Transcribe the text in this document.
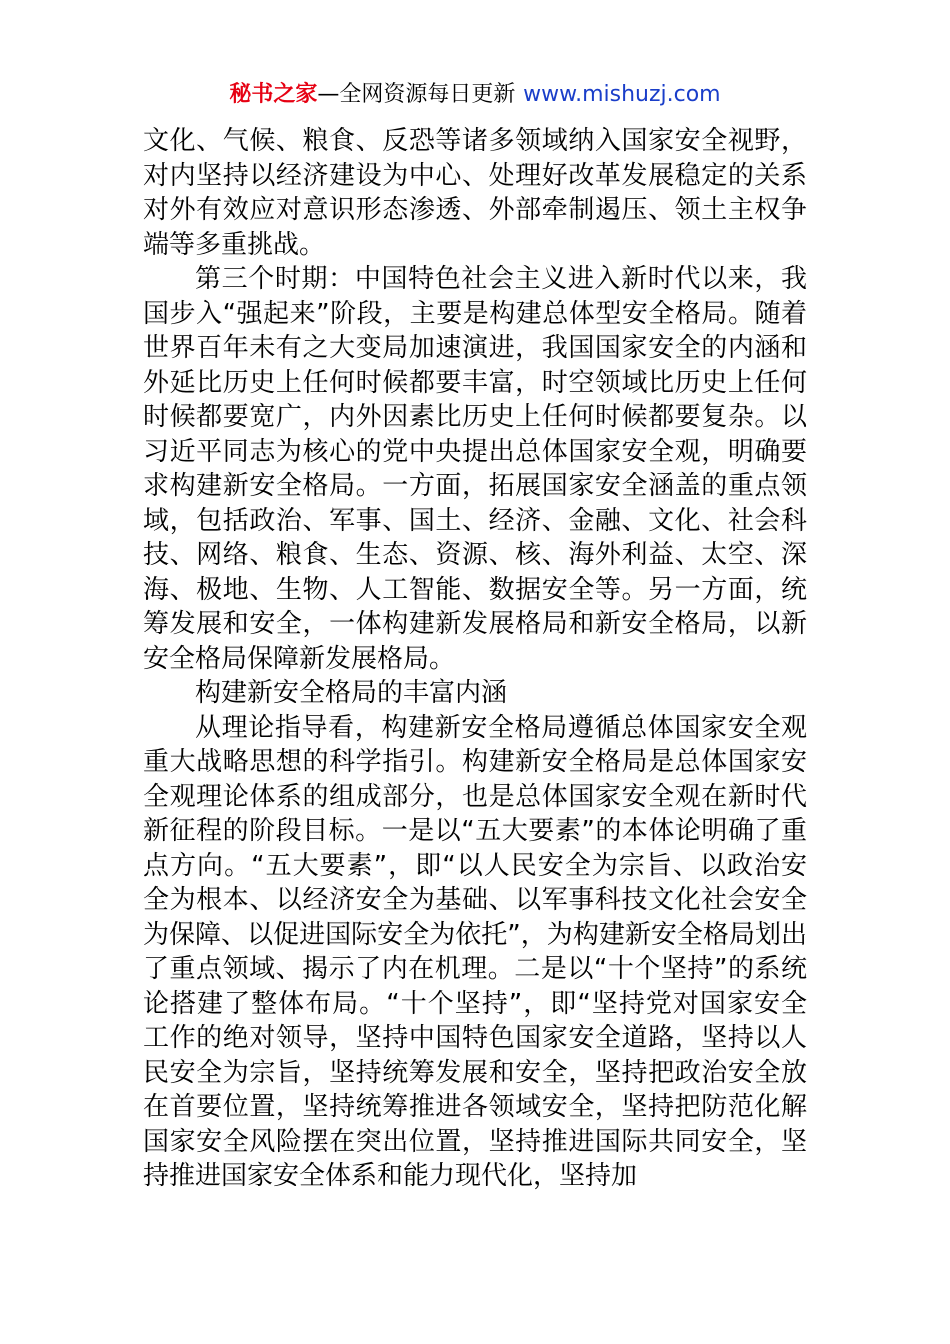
秘书之家—全网资源每日更新 www.mishuzj.com

文化、气候、粮食、反恐等诸多领域纳入国家安全视野，对内坚持以经济建设为中心、处理好改革发展稳定的关系对外有效应对意识形态渗透、外部牵制遏压、领土主权争端等多重挑战。

第三个时期：中国特色社会主义进入新时代以来，我国步入“强起来”阶段，主要是构建总体型安全格局。随着世界百年未有之大变局加速演进，我国国家安全的内涵和外延比历史上任何时候都要丰富，时空领域比历史上任何时候都要宽广，内外因素比历史上任何时候都要复杂。以习近平同志为核心的党中央提出总体国家安全观，明确要求构建新安全格局。一方面，拓展国家安全涵盖的重点领域，包括政治、军事、国土、经济、金融、文化、社会科技、网络、粮食、生态、资源、核、海外利益、太空、深海、极地、生物、人工智能、数据安全等。另一方面，统筹发展和安全，一体构建新发展格局和新安全格局，以新安全格局保障新发展格局。

构建新安全格局的丰富内涵

从理论指导看，构建新安全格局遵循总体国家安全观重大战略思想的科学指引。构建新安全格局是总体国家安全观理论体系的组成部分，也是总体国家安全观在新时代新征程的阶段目标。一是以“五大要素”的本体论明确了重点方向。“五大要素”，即“以人民安全为宗旨、以政治安全为根本、以经济安全为基础、以军事科技文化社会安全为保障、以促进国际安全为依托”，为构建新安全格局划出了重点领域、揭示了内在机理。二是以“十个坚持”的系统论搭建了整体布局。“十个坚持”，即“坚持党对国家安全工作的绝对领导，坚持中国特色国家安全道路，坚持以人民安全为宗旨，坚持统筹发展和安全，坚持把政治安全放在首要位置，坚持统筹推进各领域安全，坚持把防范化解国家安全风险摆在突出位置，坚持推进国际共同安全，坚持推进国家安全体系和能力现代化，坚持加
